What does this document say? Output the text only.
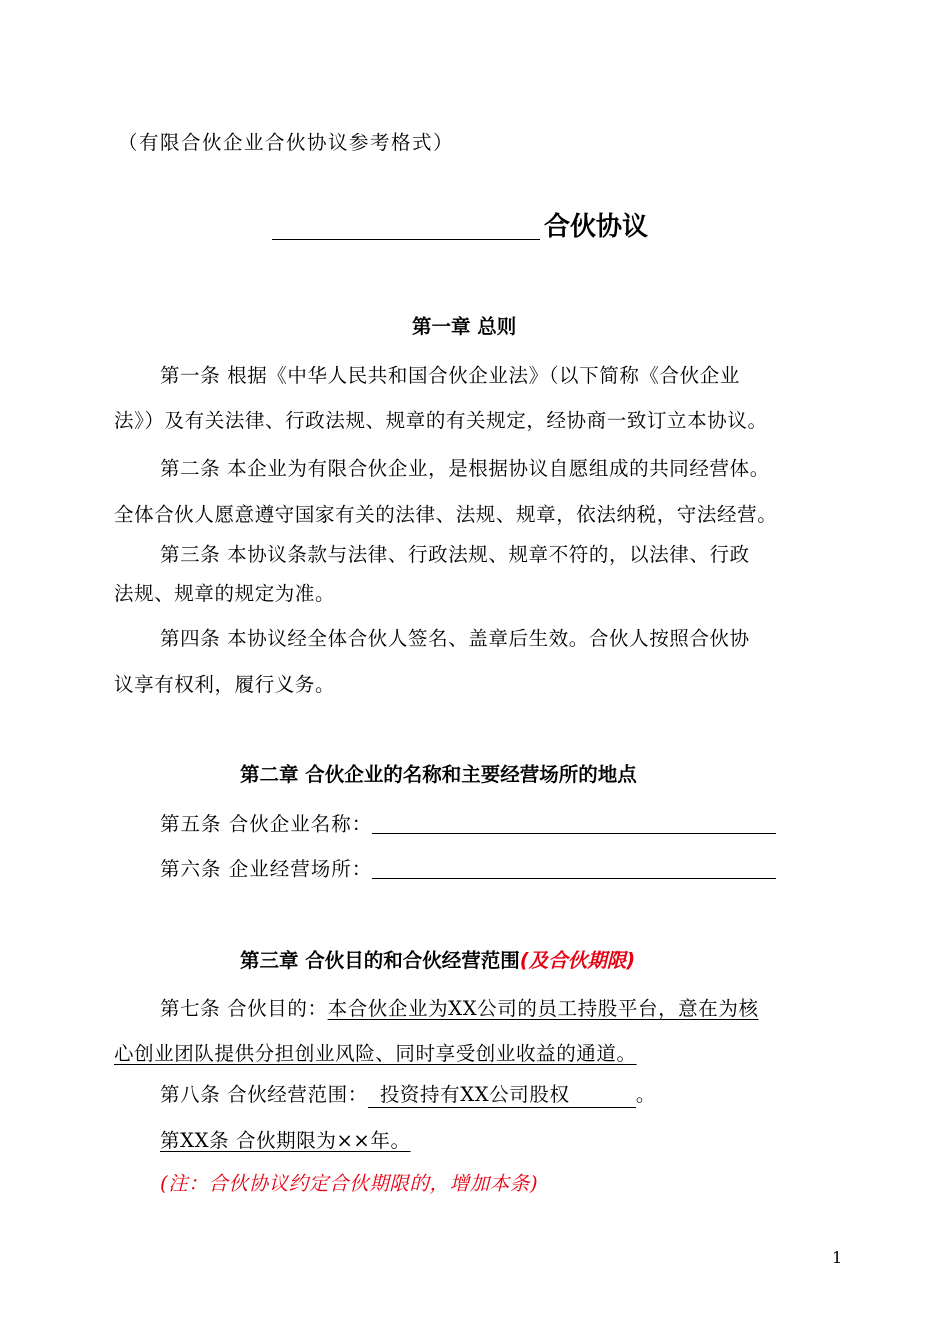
（有限合伙企业合伙协议参考格式）
合伙协议
第一章 总则
第一条 根据《中华人民共和国合伙企业法》（以下简称《合伙企业
法》）及有关法律、行政法规、规章的有关规定，经协商一致订立本协议。
第二条 本企业为有限合伙企业，是根据协议自愿组成的共同经营体。
全体合伙人愿意遵守国家有关的法律、法规、规章，依法纳税，守法经营。
第三条 本协议条款与法律、行政法规、规章不符的，以法律、行政
法规、规章的规定为准。
第四条 本协议经全体合伙人签名、盖章后生效。合伙人按照合伙协
议享有权利，履行义务。
第二章 合伙企业的名称和主要经营场所的地点
第五条 合伙企业名称：
第六条 企业经营场所：
第三章 合伙目的和合伙经营范围(及合伙期限)
第七条 合伙目的：本合伙企业为XX公司的员工持股平台，意在为核
心创业团队提供分担创业风险、同时享受创业收益的通道。
第八条 合伙经营范围： 投资持有XX公司股权	。
第XX条 合伙期限为××年。
(注：合伙协议约定合伙期限的，增加本条)
1
